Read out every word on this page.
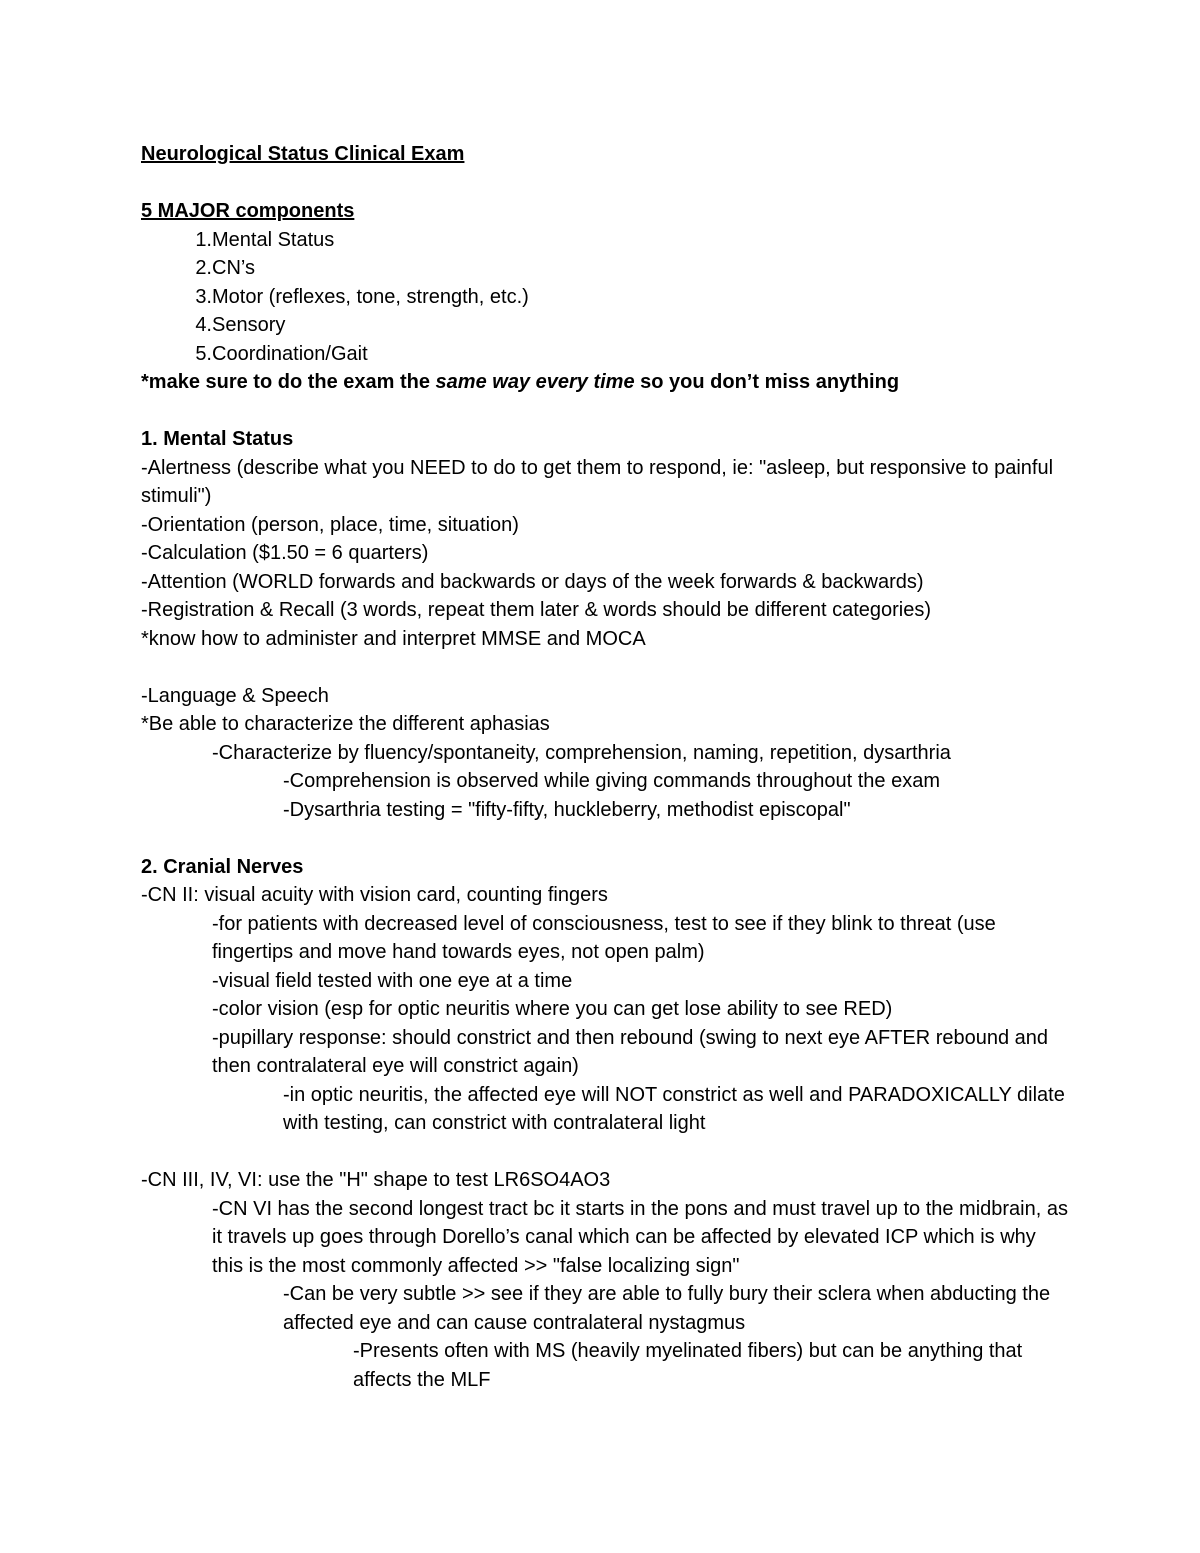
Neurological Status Clinical Exam

5 MAJOR components

1. Mental Status
2. CN’s
3. Motor (reflexes, tone, strength, etc.)
4. Sensory
5. Coordination/Gait

*make sure to do the exam the same way every time so you don’t miss anything

1. Mental Status

-Alertness (describe what you NEED to do to get them to respond, ie: "asleep, but responsive to painful stimuli")

-Orientation (person, place, time, situation)

-Calculation ($1.50 = 6 quarters)

-Attention (WORLD forwards and backwards or days of the week forwards & backwards)

-Registration & Recall (3 words, repeat them later & words should be different categories)

*know how to administer and interpret MMSE and MOCA

-Language & Speech

*Be able to characterize the different aphasias

-Characterize by fluency/spontaneity, comprehension, naming, repetition, dysarthria

-Comprehension is observed while giving commands throughout the exam

-Dysarthria testing = "fifty-fifty, huckleberry, methodist episcopal"

2. Cranial Nerves

-CN II: visual acuity with vision card, counting fingers

-for patients with decreased level of consciousness, test to see if they blink to threat (use fingertips and move hand towards eyes, not open palm)

-visual field tested with one eye at a time

-color vision (esp for optic neuritis where you can get lose ability to see RED)

-pupillary response: should constrict and then rebound (swing to next eye AFTER rebound and then contralateral eye will constrict again)

-in optic neuritis, the affected eye will NOT constrict as well and PARADOXICALLY dilate with testing, can constrict with contralateral light

-CN III, IV, VI: use the "H" shape to test LR6SO4AO3

-CN VI has the second longest tract bc it starts in the pons and must travel up to the midbrain, as it travels up goes through Dorello’s canal which can be affected by elevated ICP which is why this is the most commonly affected >> "false localizing sign"

-Can be very subtle >> see if they are able to fully bury their sclera when abducting the affected eye and can cause contralateral nystagmus

-Presents often with MS (heavily myelinated fibers) but can be anything that affects the MLF
